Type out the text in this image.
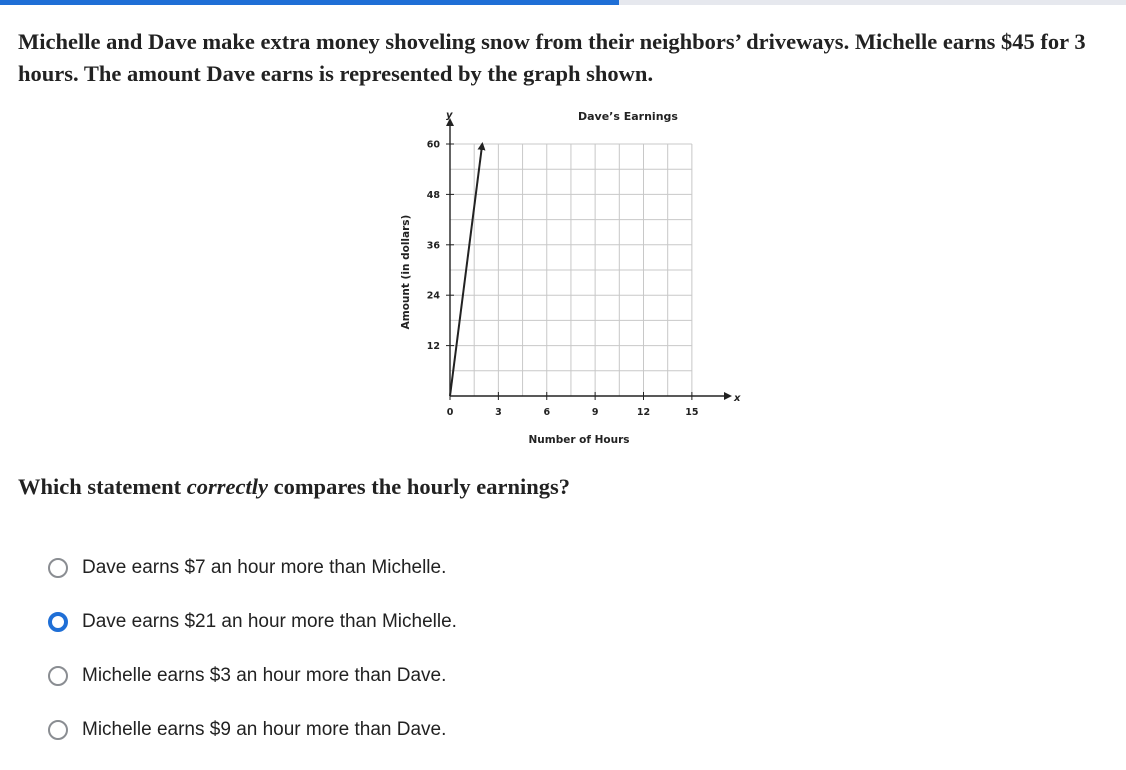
Michelle and Dave make extra money shoveling snow from their neighbors’ driveways. Michelle earns $45 for 3 hours. The amount Dave earns is represented by the graph shown.
Dave’s Earnings
y
x
Number of Hours
Amount (in dollars)
0	3	6	9	12	15
12
24
36
48
60
Which statement correctly compares the hourly earnings?
Dave earns $7 an hour more than Michelle.
Dave earns $21 an hour more than Michelle.
Michelle earns $3 an hour more than Dave.
Michelle earns $9 an hour more than Dave.
